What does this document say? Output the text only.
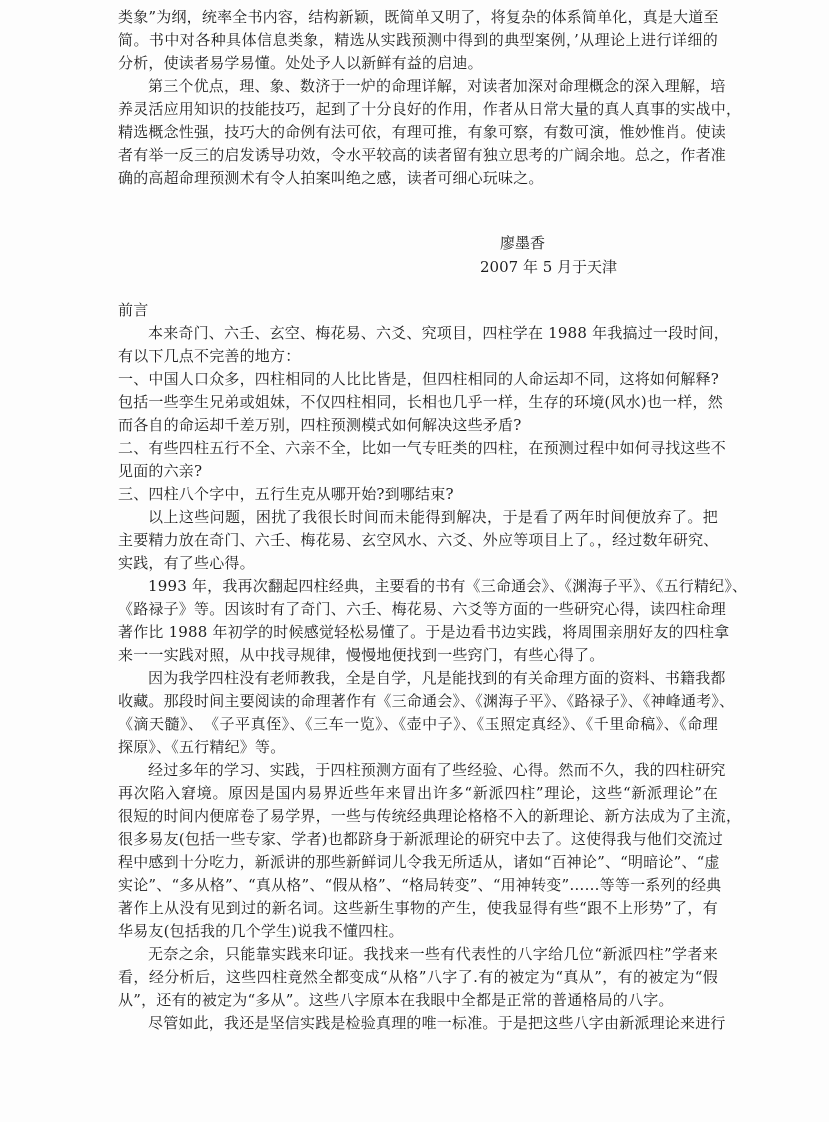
类象”为纲，统率全书内容，结构新颖，既简单又明了，将复杂的体系简单化，真是大道至
简。书中对各种具体信息类象，精选从实践预测中得到的典型案例，’从理论上进行详细的
分析，使读者易学易懂。处处予人以新鲜有益的启迪。
第三个优点，理、象、数济于一炉的命理详解，对读者加深对命理概念的深入理解，培
养灵活应用知识的技能技巧，起到了十分良好的作用，作者从日常大量的真人真事的实战中，
精选概念性强，技巧大的命例有法可依，有理可推，有象可察，有数可演，惟妙惟肖。使读
者有举一反三的启发诱导功效，令水平较高的读者留有独立思考的广阔余地。总之，作者准
确的高超命理预测术有令人拍案叫绝之感，读者可细心玩味之。
廖墨香
2007 年 5 月于天津
前言
本来奇门、六壬、玄空、梅花易、六爻、究项目，四柱学在 1988 年我搞过一段时间，
有以下几点不完善的地方：
一、中国人口众多，四柱相同的人比比皆是，但四柱相同的人命运却不同，这将如何解释?
包括一些孪生兄弟或姐妹，不仅四柱相同，长相也几乎一样，生存的环境(风水)也一样，然
而各自的命运却千差万别，四柱预测模式如何解决这些矛盾?
二、有些四柱五行不全、六亲不全，比如一气专旺类的四柱，在预测过程中如何寻找这些不
见面的六亲?
三、四柱八个字中，五行生克从哪开始?到哪结束?
以上这些问题，困扰了我很长时间而未能得到解决，于是看了两年时间便放弃了。把
主要精力放在奇门、六壬、梅花易、玄空风水、六爻、外应等项目上了。，经过数年研究、
实践，有了些心得。
1993 年，我再次翻起四柱经典，主要看的书有《三命通会》、《渊海子平》、《五行精纪》、
《路禄子》等。因该时有了奇门、六壬、梅花易、六爻等方面的一些研究心得，读四柱命理
著作比 1988 年初学的时候感觉轻松易懂了。于是边看书边实践，将周围亲朋好友的四柱拿
来一一实践对照，从中找寻规律，慢慢地便找到一些窍门，有些心得了。
因为我学四柱没有老师教我，全是自学，凡是能找到的有关命理方面的资料、书籍我都
收藏。那段时间主要阅读的命理著作有《三命通会》、《渊海子平》、《路禄子》、《神峰通考》、
《滴天髓》、　《子平真侄》、《三车一览》、《壶中子》、《玉照定真经》、《千里命稿》、《命理
探原》、《五行精纪》等。
经过多年的学习、实践，于四柱预测方面有了些经验、心得。然而不久，我的四柱研究
再次陷入窘境。原因是国内易界近些年来冒出许多“新派四柱”理论，这些“新派理论”在
很短的时间内便席卷了易学界，一些与传统经典理论格格不入的新理论、新方法成为了主流，
很多易友(包括一些专家、学者)也都跻身于新派理论的研究中去了。这使得我与他们交流过
程中感到十分吃力，新派讲的那些新鲜词儿令我无所适从，诸如“百神论”、“明暗论”、“虚
实论”、“多从格”、“真从格”、“假从格”、“格局转变”、“用神转变”……等等一系列的经典
著作上从没有见到过的新名词。这些新生事物的产生，使我显得有些“跟不上形势”了，有
华易友(包括我的几个学生)说我不懂四柱。
无奈之余，只能靠实践来印证。我找来一些有代表性的八字给几位“新派四柱”学者来
看，经分析后，这些四柱竟然全都变成“从格”八字了.有的被定为“真从”，有的被定为“假
从”，还有的被定为“多从”。这些八字原本在我眼中全都是正常的普通格局的八字。
尽管如此，我还是坚信实践是检验真理的唯一标准。于是把这些八字由新派理论来进行
